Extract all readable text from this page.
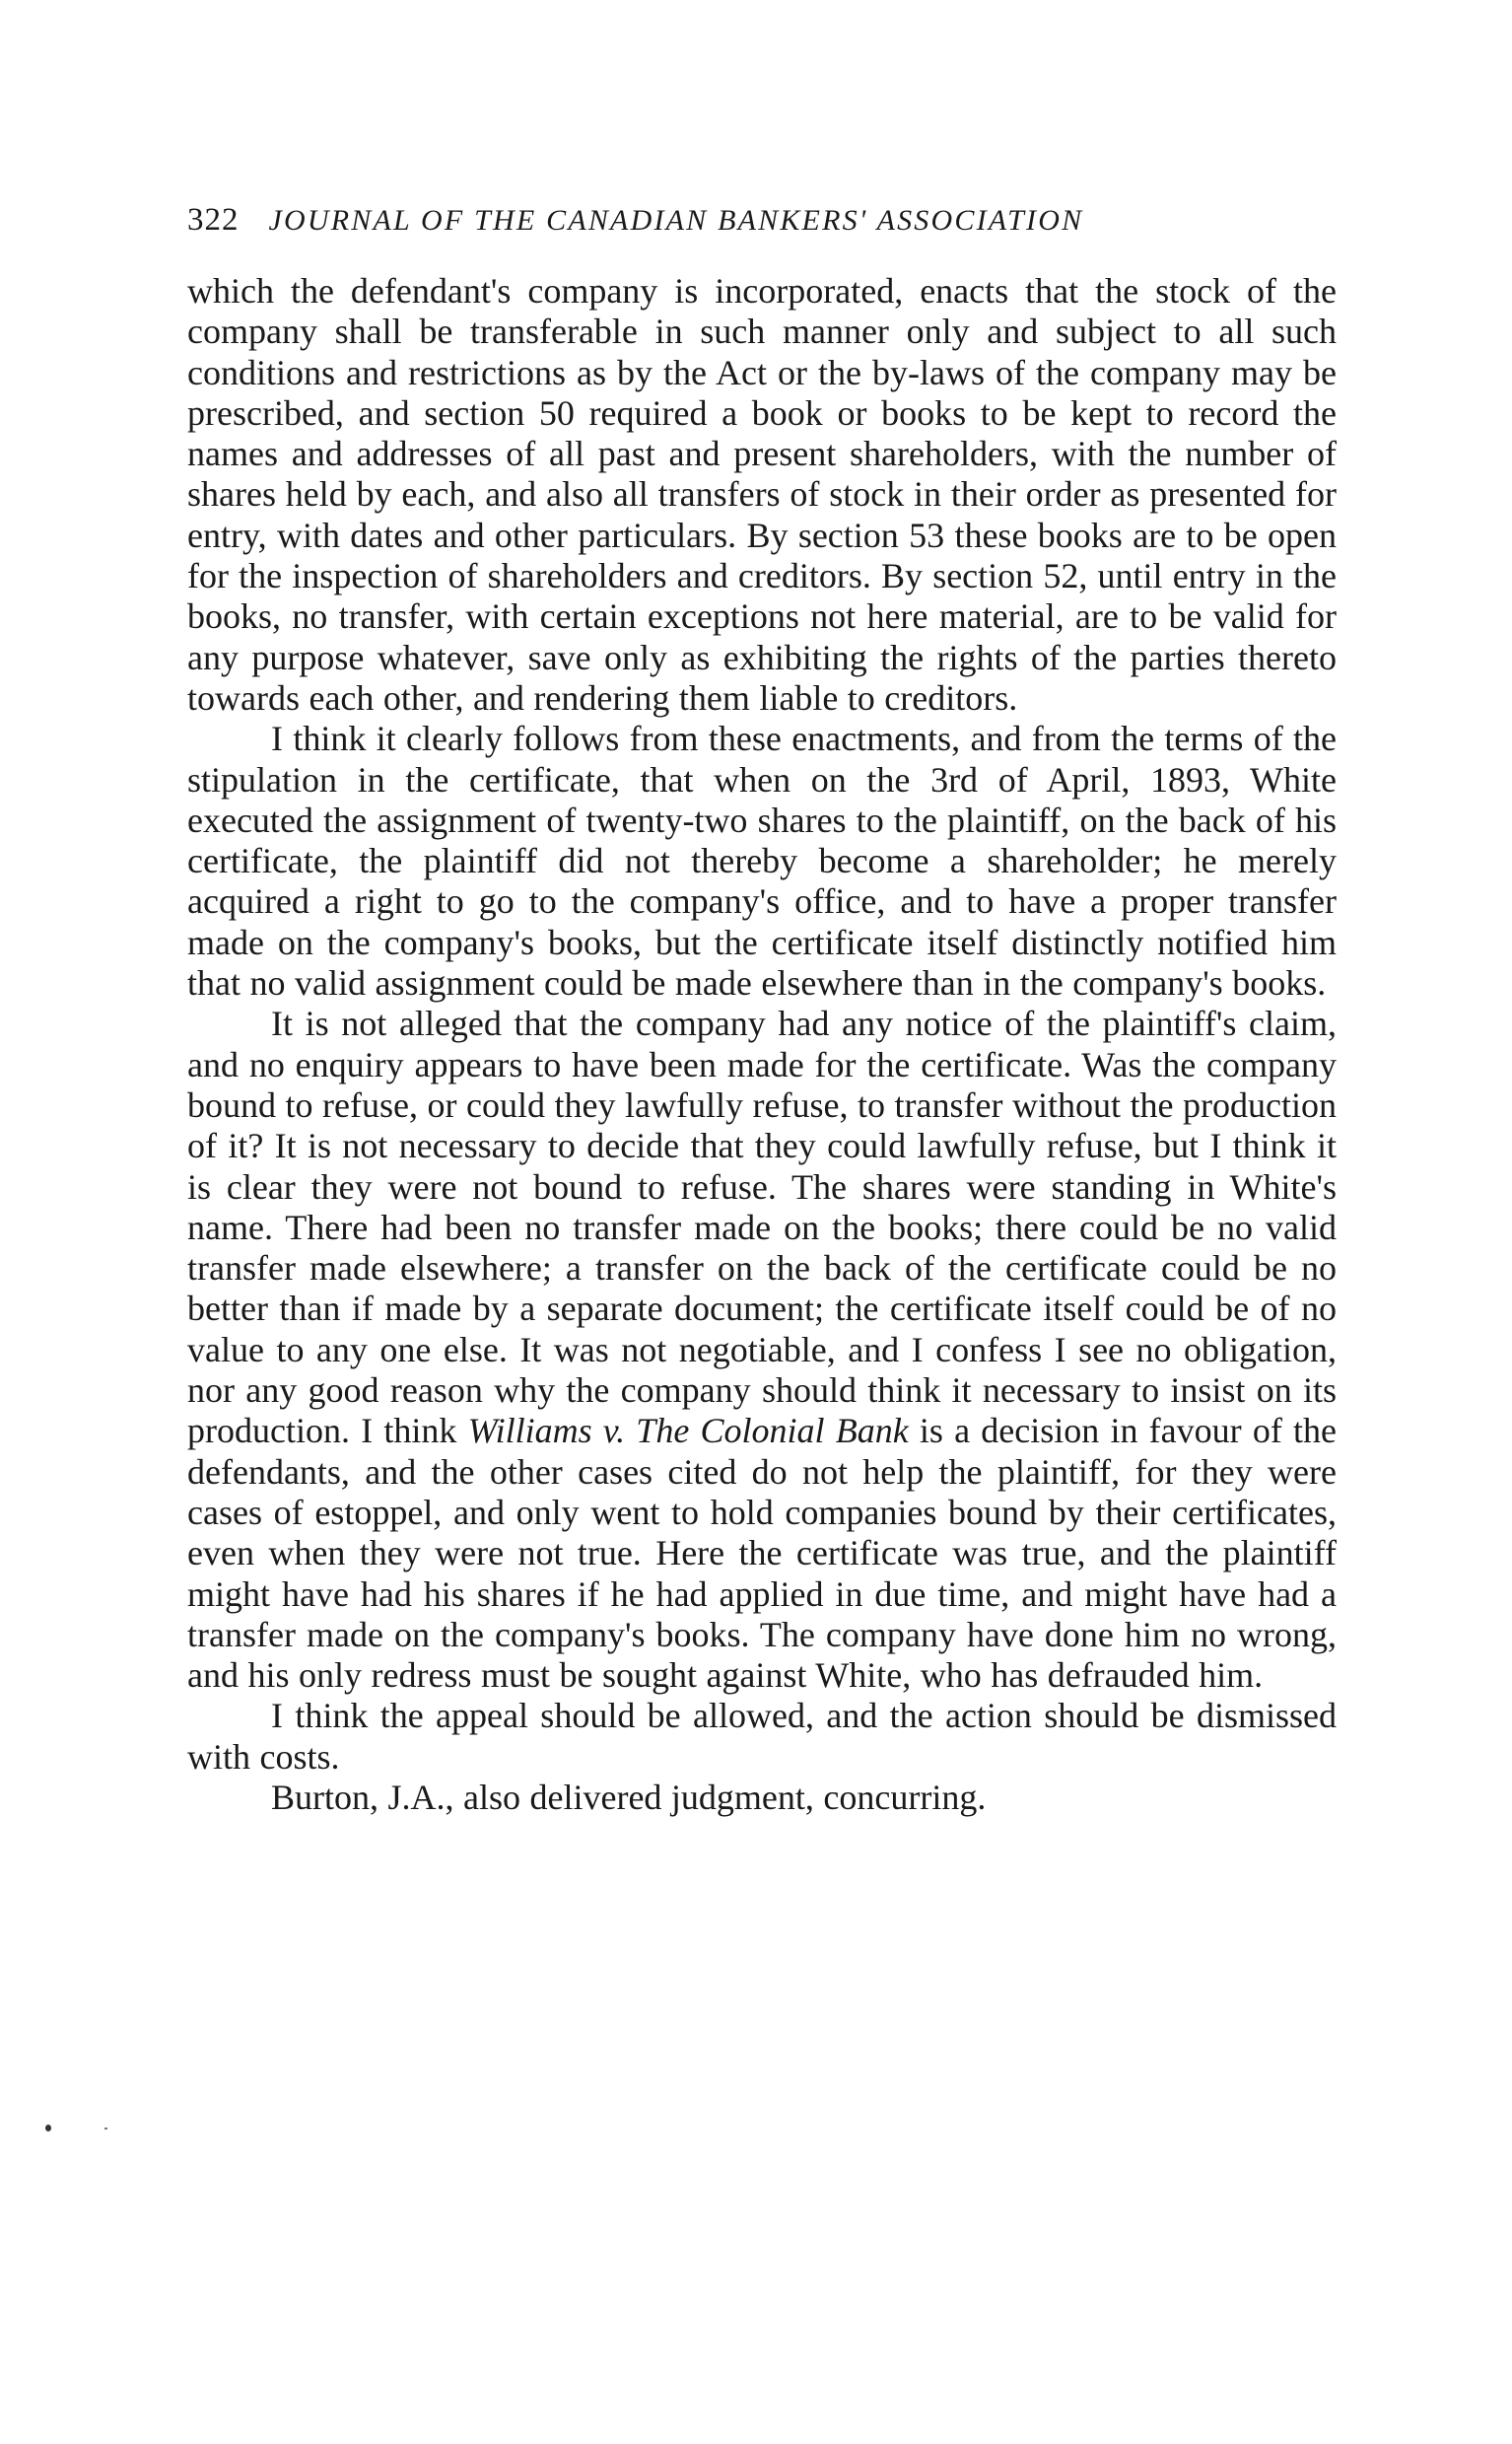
322 JOURNAL OF THE CANADIAN BANKERS' ASSOCIATION

which the defendant's company is incorporated, enacts that the stock of the company shall be transferable in such manner only and subject to all such conditions and restrictions as by the Act or the by-laws of the company may be prescribed, and section 50 required a book or books to be kept to record the names and addresses of all past and present shareholders, with the number of shares held by each, and also all transfers of stock in their order as presented for entry, with dates and other particulars. By section 53 these books are to be open for the inspection of shareholders and creditors. By section 52, until entry in the books, no transfer, with certain exceptions not here material, are to be valid for any purpose whatever, save only as exhibiting the rights of the parties thereto towards each other, and rendering them liable to creditors.

I think it clearly follows from these enactments, and from the terms of the stipulation in the certificate, that when on the 3rd of April, 1893, White executed the assignment of twenty-two shares to the plaintiff, on the back of his certificate, the plaintiff did not thereby become a shareholder; he merely acquired a right to go to the company's office, and to have a proper transfer made on the company's books, but the certificate itself distinctly notified him that no valid assignment could be made elsewhere than in the company's books.

It is not alleged that the company had any notice of the plaintiff's claim, and no enquiry appears to have been made for the certificate. Was the company bound to refuse, or could they lawfully refuse, to transfer without the production of it? It is not necessary to decide that they could lawfully refuse, but I think it is clear they were not bound to refuse. The shares were standing in White's name. There had been no transfer made on the books; there could be no valid transfer made elsewhere; a transfer on the back of the certificate could be no better than if made by a separate document; the certificate itself could be of no value to any one else. It was not negotiable, and I confess I see no obligation, nor any good reason why the company should think it necessary to insist on its production. I think Williams v. The Colonial Bank is a decision in favour of the defendants, and the other cases cited do not help the plaintiff, for they were cases of estoppel, and only went to hold companies bound by their certificates, even when they were not true. Here the certificate was true, and the plaintiff might have had his shares if he had applied in due time, and might have had a transfer made on the company's books. The company have done him no wrong, and his only redress must be sought against White, who has defrauded him.

I think the appeal should be allowed, and the action should be dismissed with costs.

Burton, J.A., also delivered judgment, concurring.
